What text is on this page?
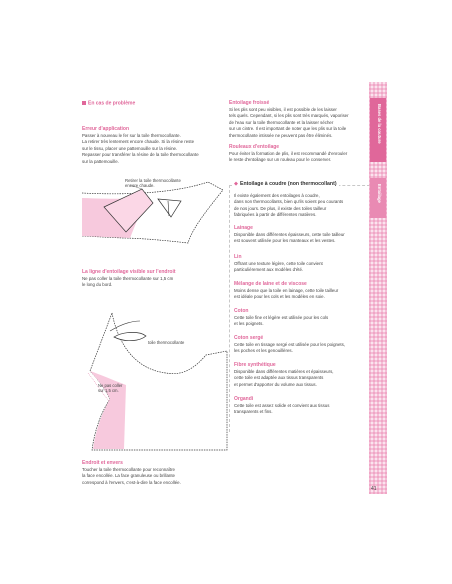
En cas de problème
Erreur d'application
Passer à nouveau le fer sur la toile thermocollante.
La retirer très lentement encore chaude. Si la résine reste
sur le tissu, placer une pattemouille sur la résine.
Repasser pour transférer la résine de la toile thermocollante
sur la pattemouille.
Retirer la toile thermocollante
encore chaude.
La ligne d'entoilage visible sur l'endroit
Ne pas coller la toile thermocollante sur 1,5 cm
le long du bord.
toile thermocollante
Ne pas coller
sur 1,5 cm.
Endroit et envers
Toucher la toile thermocollante pour reconnaître
la face encollée. La face granuleuse ou brillante
correspond à l'envers, c'est-à-dire la face encollée.
Entoilage froissé
Si les plis sont peu visibles, il est possible de les laisser
tels quels. Cependant, si les plis sont très marqués, vaporiser
de l'eau sur la toile thermocollante et la laisser sécher
sur un cintre. Il est important de noter que les plis sur la toile
thermocollante intissée ne peuvent pas être éliminés.
Rouleaux d'entoilage
Pour éviter la formation de plis, il est recommandé d'enrouler
le reste d'entoilage sur un rouleau pour le conserver.
◆ Entoilage à coudre (non thermocollant)
Il existe également des entoilages à coudre,
dans non thermocollants, bien qu'ils soient peu courants
de nos jours. De plus, il existe des toiles tailleur
fabriquées à partir de différentes matières.
Lainage
Disponible dans différentes épaisseurs, cette toile tailleur
est souvent utilisée pour les manteaux et les vestes.
Lin
Offrant une texture légère, cette toile convient
particulièrement aux modèles d'été.
Mélange de laine et de viscose
Moins dense que la toile en lainage, cette toile tailleur
est idéale pour les cols et les modèles en soie.
Coton
Cette toile fine et légère est utilisée pour les cols
et les poignets.
Coton sergé
Cette toile en tissage sergé est utilisée pour les poignets,
les poches et les genouillères.
Fibre synthétique
Disponible dans différentes matières et épaisseurs,
cette toile est adaptée aux tissus transparents
et permet d'apporter du volume aux tissus.
Organdi
Cette toile est assez solide et convient aux tissus
transparents et fins.
Bases de la couture
Entoilage
41
